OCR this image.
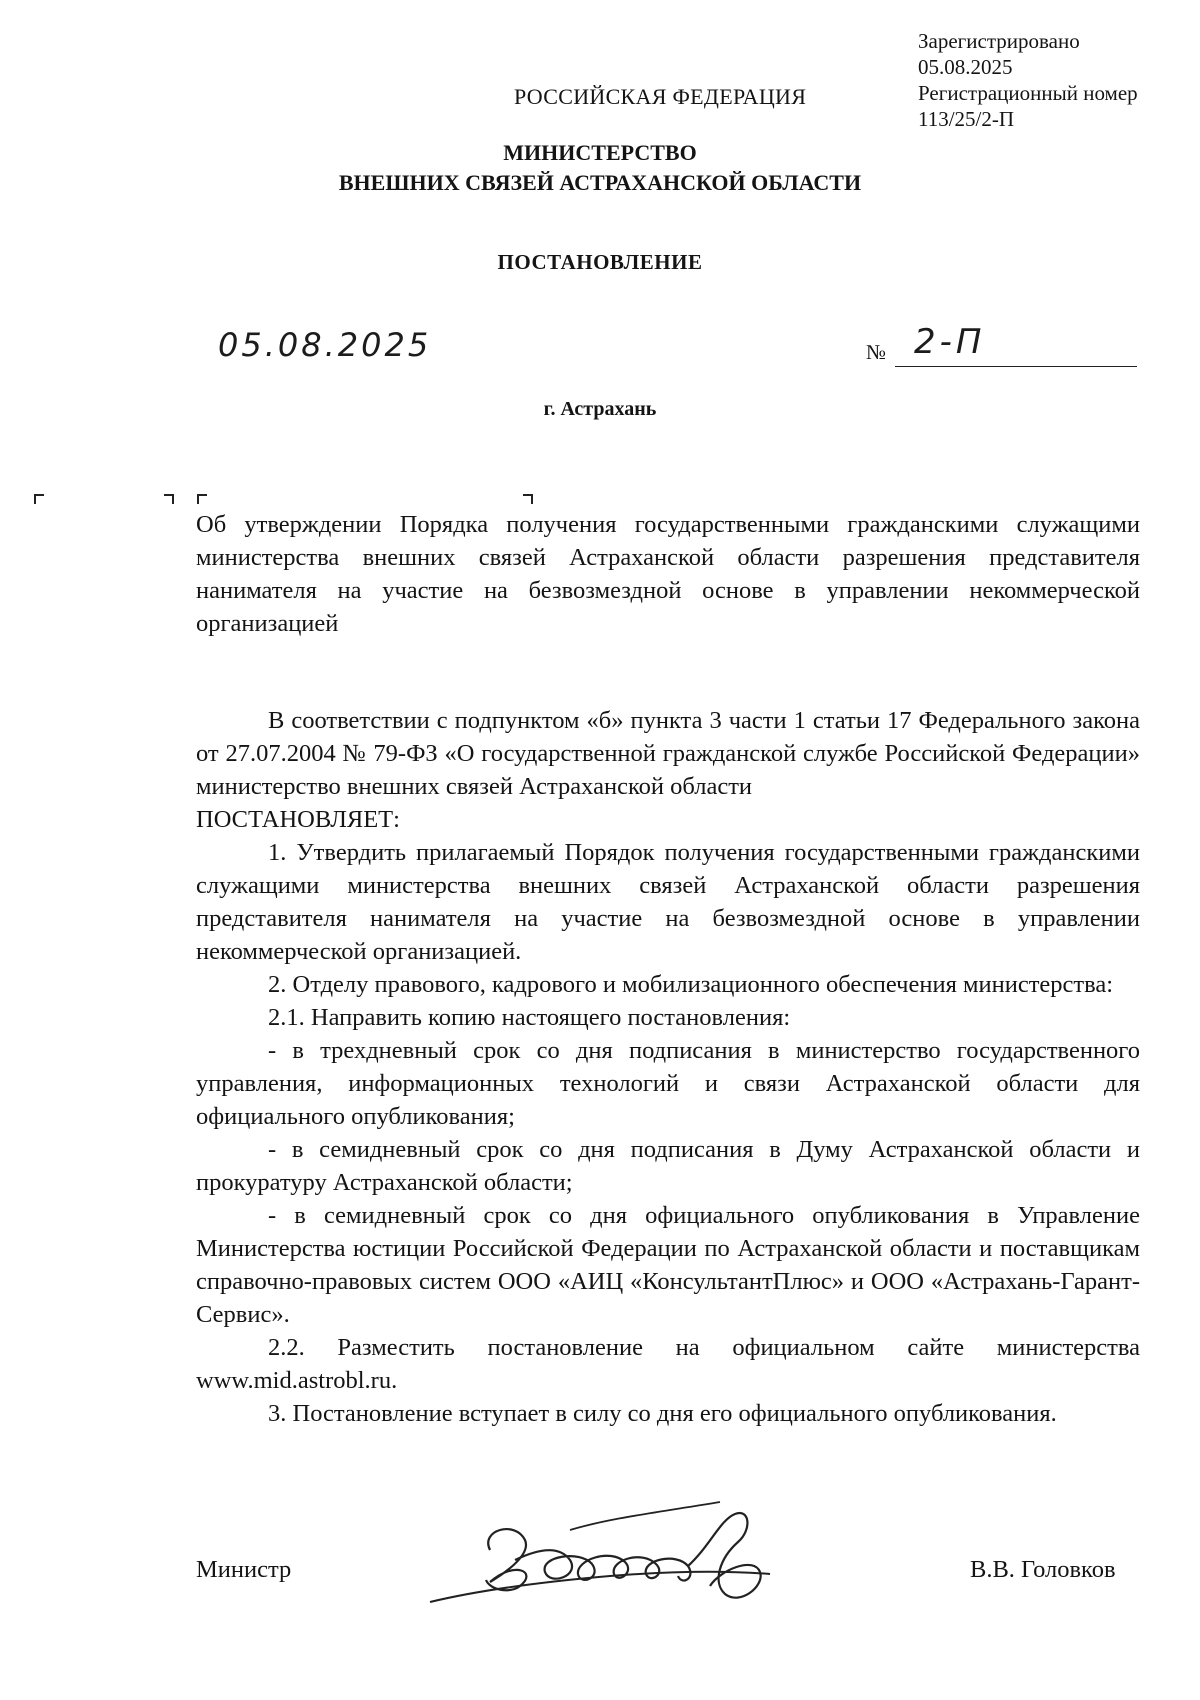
Зарегистрировано
05.08.2025
Регистрационный номер
113/25/2-П
РОССИЙСКАЯ ФЕДЕРАЦИЯ
МИНИСТЕРСТВО
ВНЕШНИХ СВЯЗЕЙ АСТРАХАНСКОЙ ОБЛАСТИ
ПОСТАНОВЛЕНИЕ
05.08.2025	№ 2-П
г. Астрахань
Об утверждении Порядка получения государственными гражданскими служащими министерства внешних связей Астраханской области разрешения представителя нанимателя на участие на безвозмездной основе в управлении некоммерческой организацией

В соответствии с подпунктом «б» пункта 3 части 1 статьи 17 Федерального закона от 27.07.2004 № 79-ФЗ «О государственной гражданской службе Российской Федерации» министерство внешних связей Астраханской области

ПОСТАНОВЛЯЕТ:

1. Утвердить прилагаемый Порядок получения государственными гражданскими служащими министерства внешних связей Астраханской области разрешения представителя нанимателя на участие на безвозмездной основе в управлении некоммерческой организацией.

2. Отделу правового, кадрового и мобилизационного обеспечения министерства:

2.1. Направить копию настоящего постановления:

- в трехдневный срок со дня подписания в министерство государственного управления, информационных технологий и связи Астраханской области для официального опубликования;

- в семидневный срок со дня подписания в Думу Астраханской области и прокуратуру Астраханской области;

- в семидневный срок со дня официального опубликования в Управление Министерства юстиции Российской Федерации по Астраханской области и поставщикам справочно-правовых систем ООО «АИЦ «КонсультантПлюс» и ООО «Астрахань-Гарант-Сервис».

2.2. Разместить постановление на официальном сайте министерства www.mid.astrobl.ru.

3. Постановление вступает в силу со дня его официального опубликования.

Министр	В.В. Головков
